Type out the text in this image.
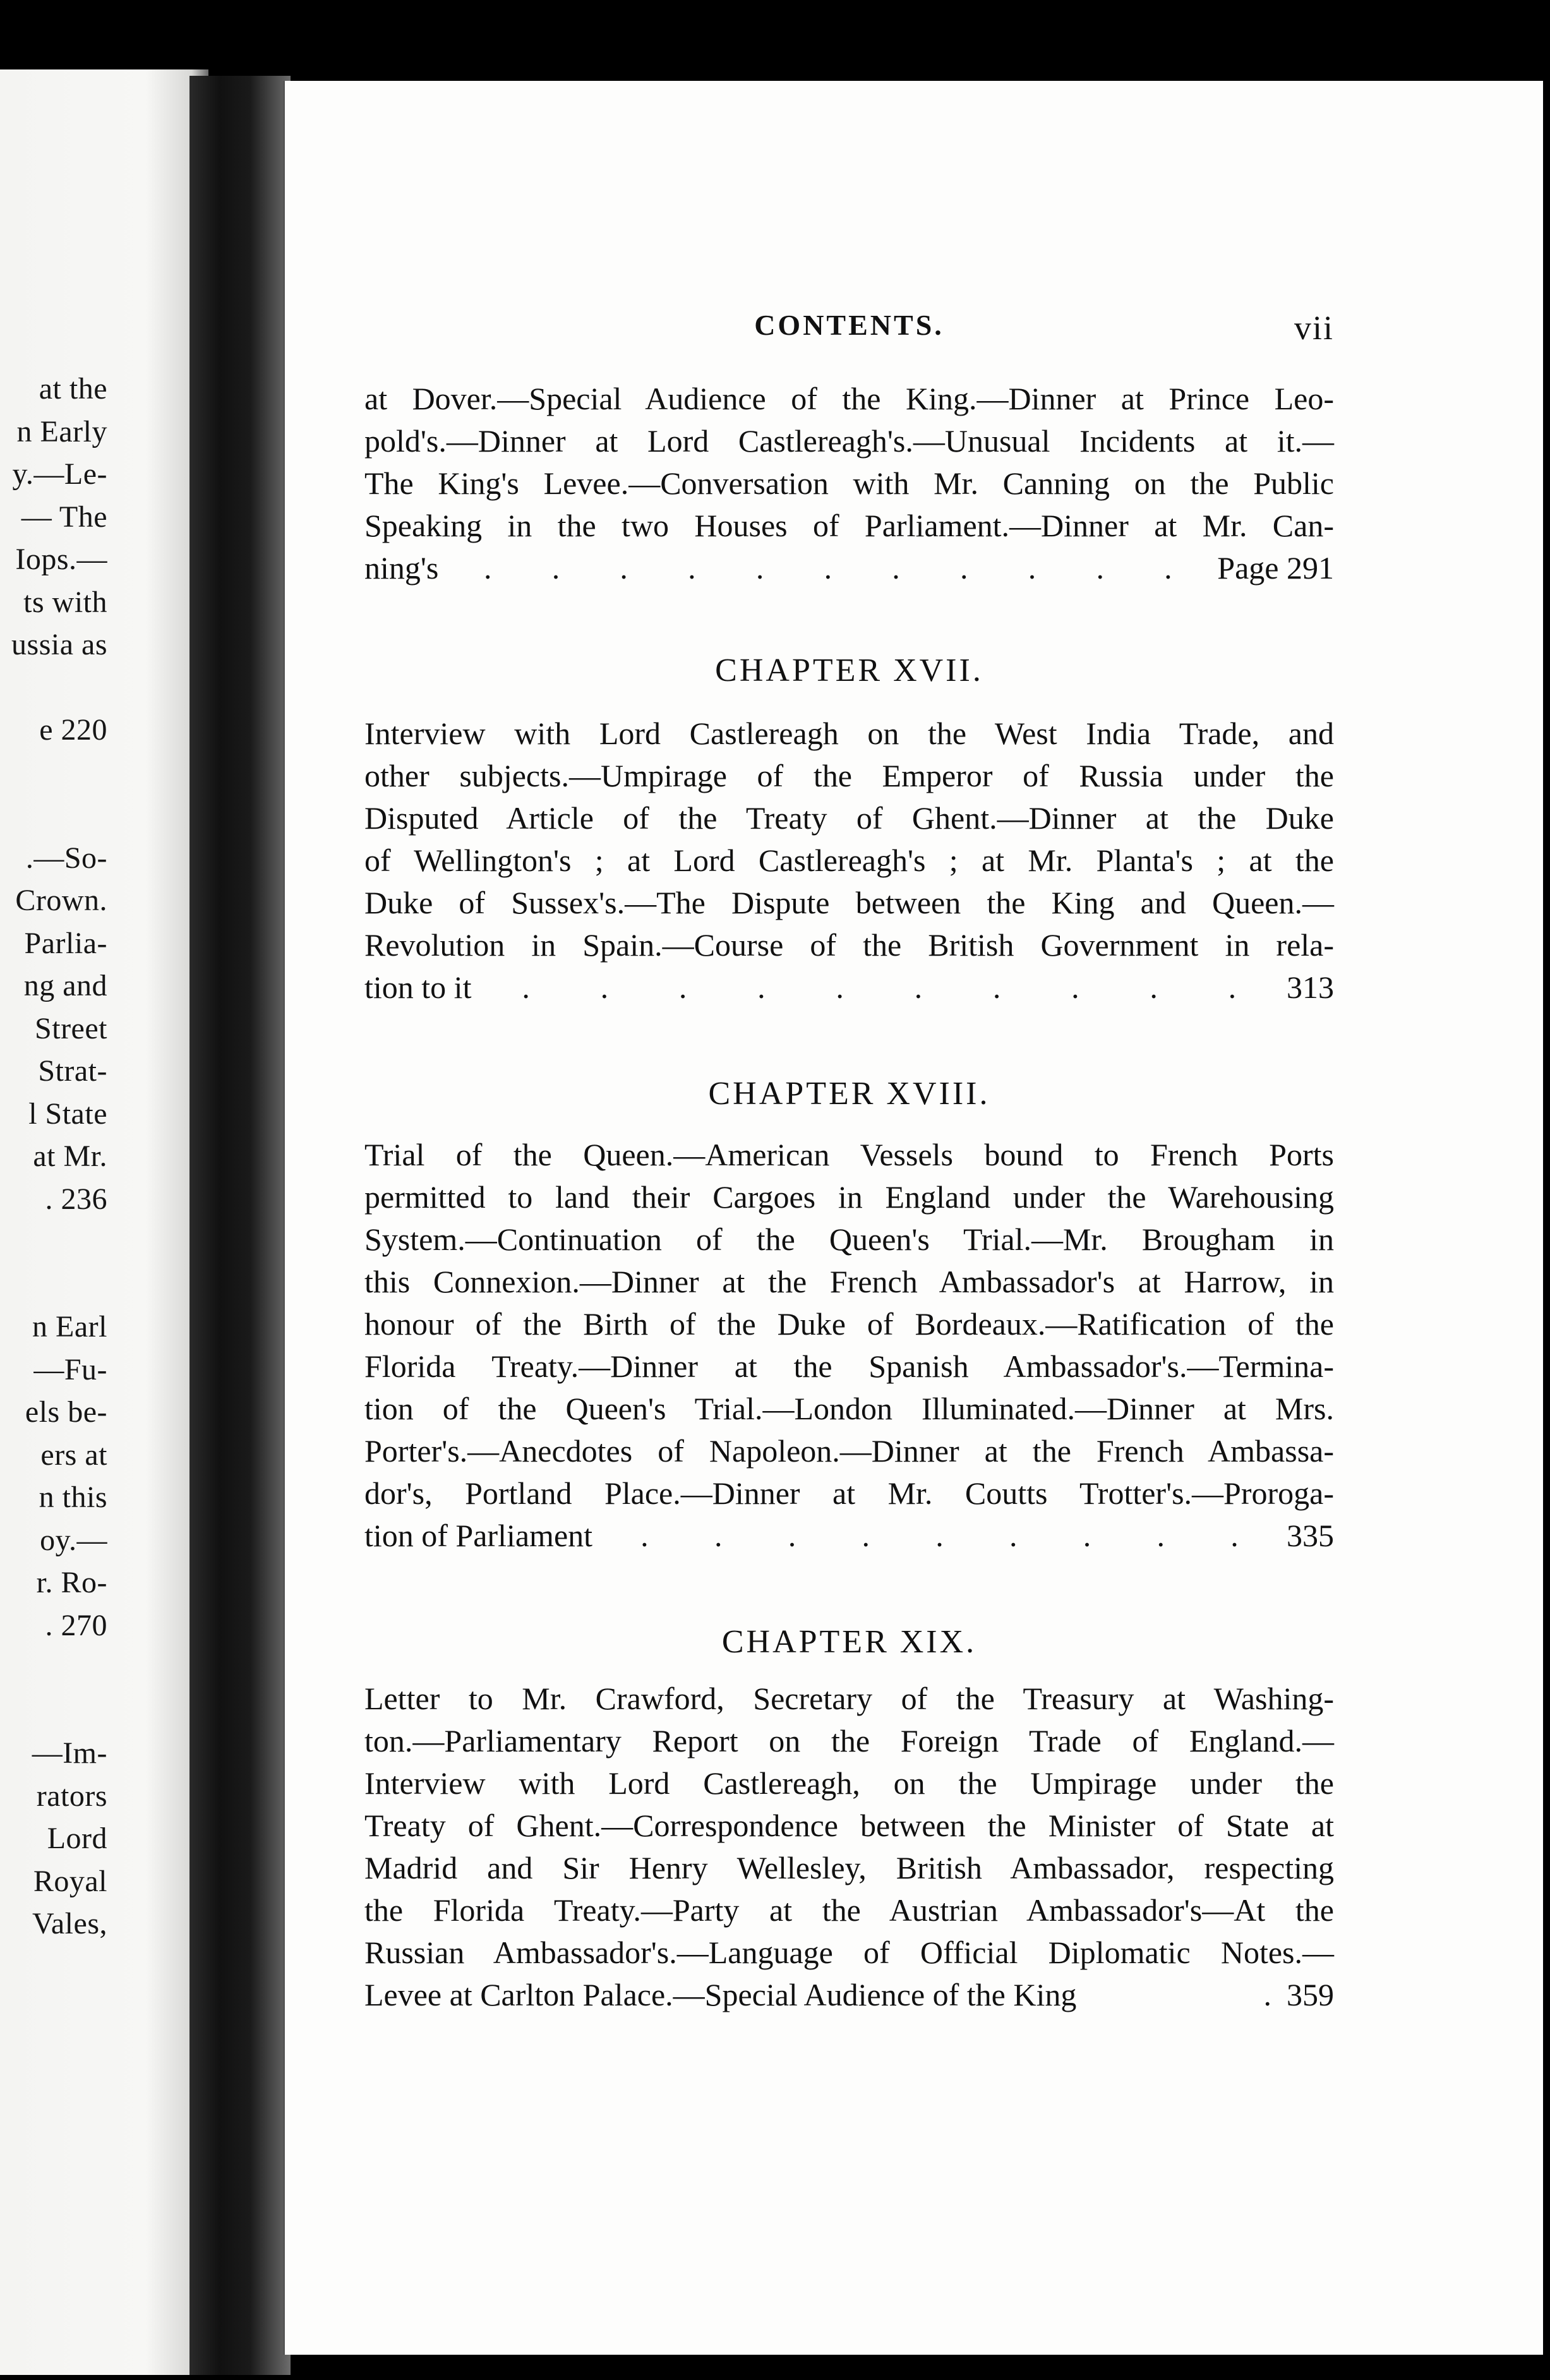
at the
n Early
y.—Le-
— The
Iops.—
ts with
ussia as
e 220
.—So-
Crown.
Parlia-
ng and
Street
Strat-
l State
at Mr.
. 236
n Earl
—Fu-
els be-
ers at
n this
oy.—
r. Ro-
. 270
—Im-
rators
Lord
Royal
Vales,
CONTENTS.	vii
at Dover.—Special Audience of the King.—Dinner at Prince Leo-
pold's.—Dinner at Lord Castlereagh's.—Unusual Incidents at it.—
The King's Levee.—Conversation with Mr. Canning on the Public
Speaking in the two Houses of Parliament.—Dinner at Mr. Can-
ning's . . . . . . . . . . . Page 291
CHAPTER XVII.
Interview with Lord Castlereagh on the West India Trade, and
other subjects.—Umpirage of the Emperor of Russia under the
Disputed Article of the Treaty of Ghent.—Dinner at the Duke
of Wellington's ; at Lord Castlereagh's ; at Mr. Planta's ; at the
Duke of Sussex's.—The Dispute between the King and Queen.—
Revolution in Spain.—Course of the British Government in rela-
tion to it . . . . . . . . . . 313
CHAPTER XVIII.
Trial of the Queen.—American Vessels bound to French Ports
permitted to land their Cargoes in England under the Warehousing
System.—Continuation of the Queen's Trial.—Mr. Brougham in
this Connexion.—Dinner at the French Ambassador's at Harrow, in
honour of the Birth of the Duke of Bordeaux.—Ratification of the
Florida Treaty.—Dinner at the Spanish Ambassador's.—Termina-
tion of the Queen's Trial.—London Illuminated.—Dinner at Mrs.
Porter's.—Anecdotes of Napoleon.—Dinner at the French Ambassa-
dor's, Portland Place.—Dinner at Mr. Coutts Trotter's.—Proroga-
tion of Parliament . . . . . . . . . 335
CHAPTER XIX.
Letter to Mr. Crawford, Secretary of the Treasury at Washing-
ton.—Parliamentary Report on the Foreign Trade of England.—
Interview with Lord Castlereagh, on the Umpirage under the
Treaty of Ghent.—Correspondence between the Minister of State at
Madrid and Sir Henry Wellesley, British Ambassador, respecting
the Florida Treaty.—Party at the Austrian Ambassador's—At the
Russian Ambassador's.—Language of Official Diplomatic Notes.—
Levee at Carlton Palace.—Special Audience of the King	. 359
